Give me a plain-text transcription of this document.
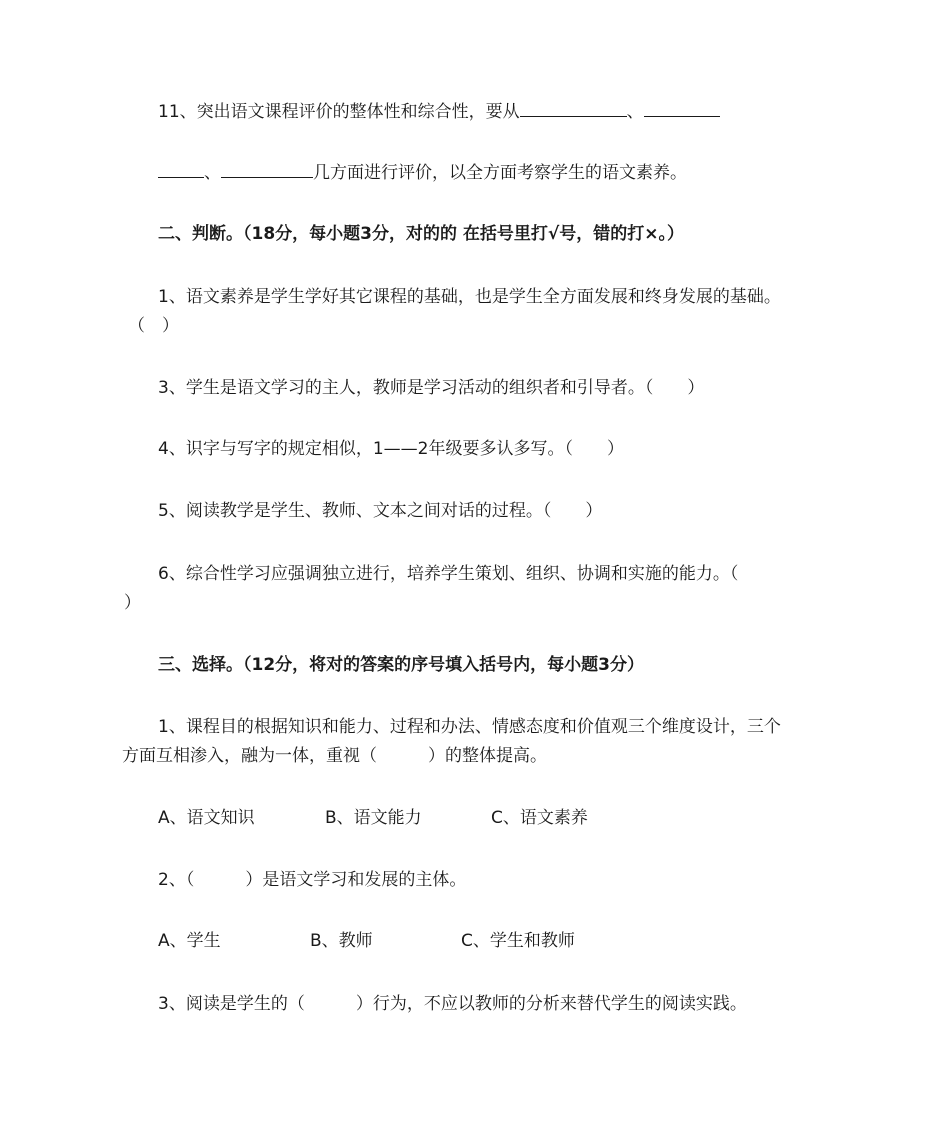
11、突出语文课程评价的整体性和综合性，要从	、
、	几方面进行评价，以全方面考察学生的语文素养。
二、判断。（18分，每小题3分，对的的 在括号里打√号，错的打×。）
1、语文素养是学生学好其它课程的基础，也是学生全方面发展和终身发展的基础。
（　）
3、学生是语文学习的主人，教师是学习活动的组织者和引导者。（　　）
4、识字与写字的规定相似，1——2年级要多认多写。（　　）
5、阅读教学是学生、教师、文本之间对话的过程。（　　）
6、综合性学习应强调独立进行，培养学生策划、组织、协调和实施的能力。（
）
三、选择。（12分，将对的答案的序号填入括号内，每小题3分）
1、课程目的根据知识和能力、过程和办法、情感态度和价值观三个维度设计，三个
方面互相渗入，融为一体，重视（　　　）的整体提高。
A、语文知识	B、语文能力	C、语文素养
2、（　　　）是语文学习和发展的主体。
A、学生	B、教师	C、学生和教师
3、阅读是学生的（　　　）行为，不应以教师的分析来替代学生的阅读实践。
